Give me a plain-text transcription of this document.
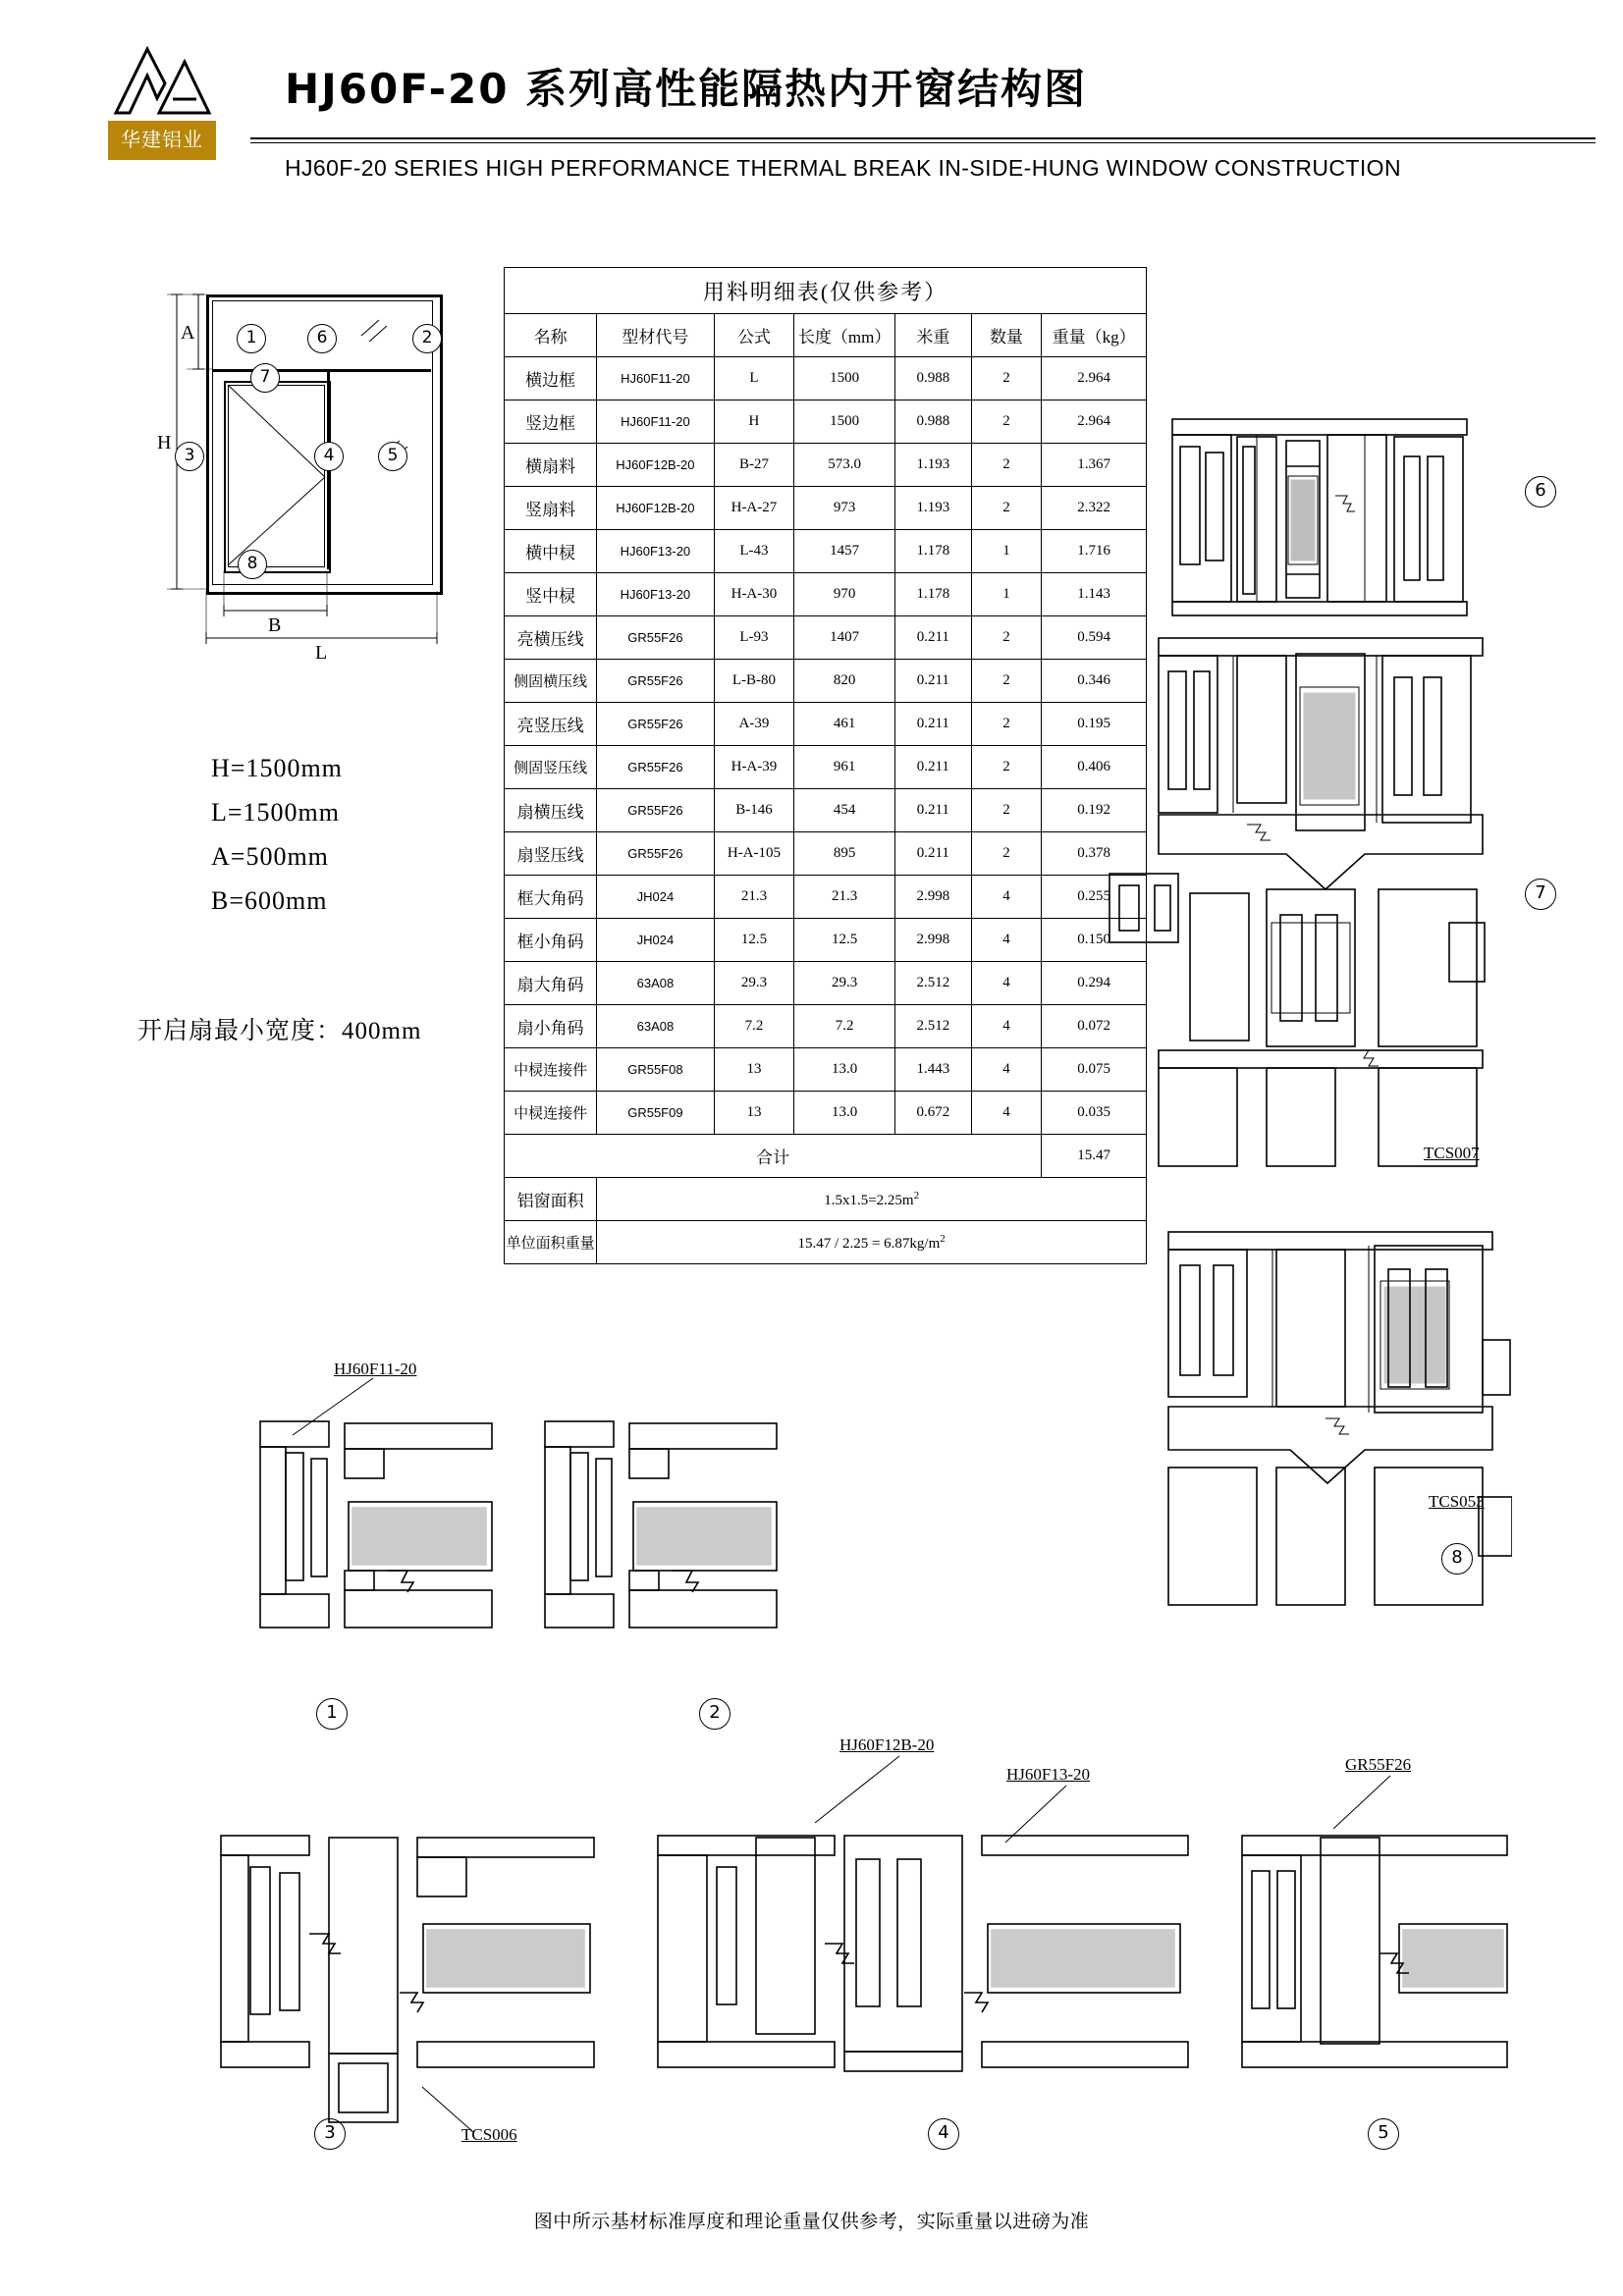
华建铝业
HJ60F-20 系列高性能隔热内开窗结构图
HJ60F-20 SERIES HIGH PERFORMANCE THERMAL BREAK IN-SIDE-HUNG WINDOW CONSTRUCTION
H
A
B
L
1	2
3	4	5
6
7
8
H=1500mm
L=1500mm
A=500mm
B=600mm
开启扇最小宽度：400mm
用料明细表(仅供参考）						
名称	型材代号	公式	长度（mm）	米重	数量	重量（kg）
横边框	HJ60F11-20	L	1500	0.988	2	2.964
竖边框	HJ60F11-20	H	1500	0.988	2	2.964
横扇料	HJ60F12B-20	B-27	573.0	1.193	2	1.367
竖扇料	HJ60F12B-20	H-A-27	973	1.193	2	2.322
横中棂	HJ60F13-20	L-43	1457	1.178	1	1.716
竖中棂	HJ60F13-20	H-A-30	970	1.178	1	1.143
亮横压线	GR55F26	L-93	1407	0.211	2	0.594
侧固横压线	GR55F26	L-B-80	820	0.211	2	0.346
亮竖压线	GR55F26	A-39	461	0.211	2	0.195
侧固竖压线	GR55F26	H-A-39	961	0.211	2	0.406
扇横压线	GR55F26	B-146	454	0.211	2	0.192
扇竖压线	GR55F26	H-A-105	895	0.211	2	0.378
框大角码	JH024	21.3	21.3	2.998	4	0.255
框小角码	JH024	12.5	12.5	2.998	4	0.150
扇大角码	63A08	29.3	29.3	2.512	4	0.294
扇小角码	63A08	7.2	7.2	2.512	4	0.072
中棂连接件	GR55F08	13	13.0	1.443	4	0.075
中棂连接件	GR55F09	13	13.0	0.672	4	0.035
合计						15.47
铝窗面积	$1.5x1.5=2.25m^2$
单位面积重量	$15.47 / 2.25 = 6.87kg/m^2$
6
7
TCS007
TCS053
8
HJ60F11-20
1	2
HJ60F12B-20
HJ60F13-20
GR55F26
3	TCS006	4	5
图中所示基材标准厚度和理论重量仅供参考，实际重量以进磅为准
